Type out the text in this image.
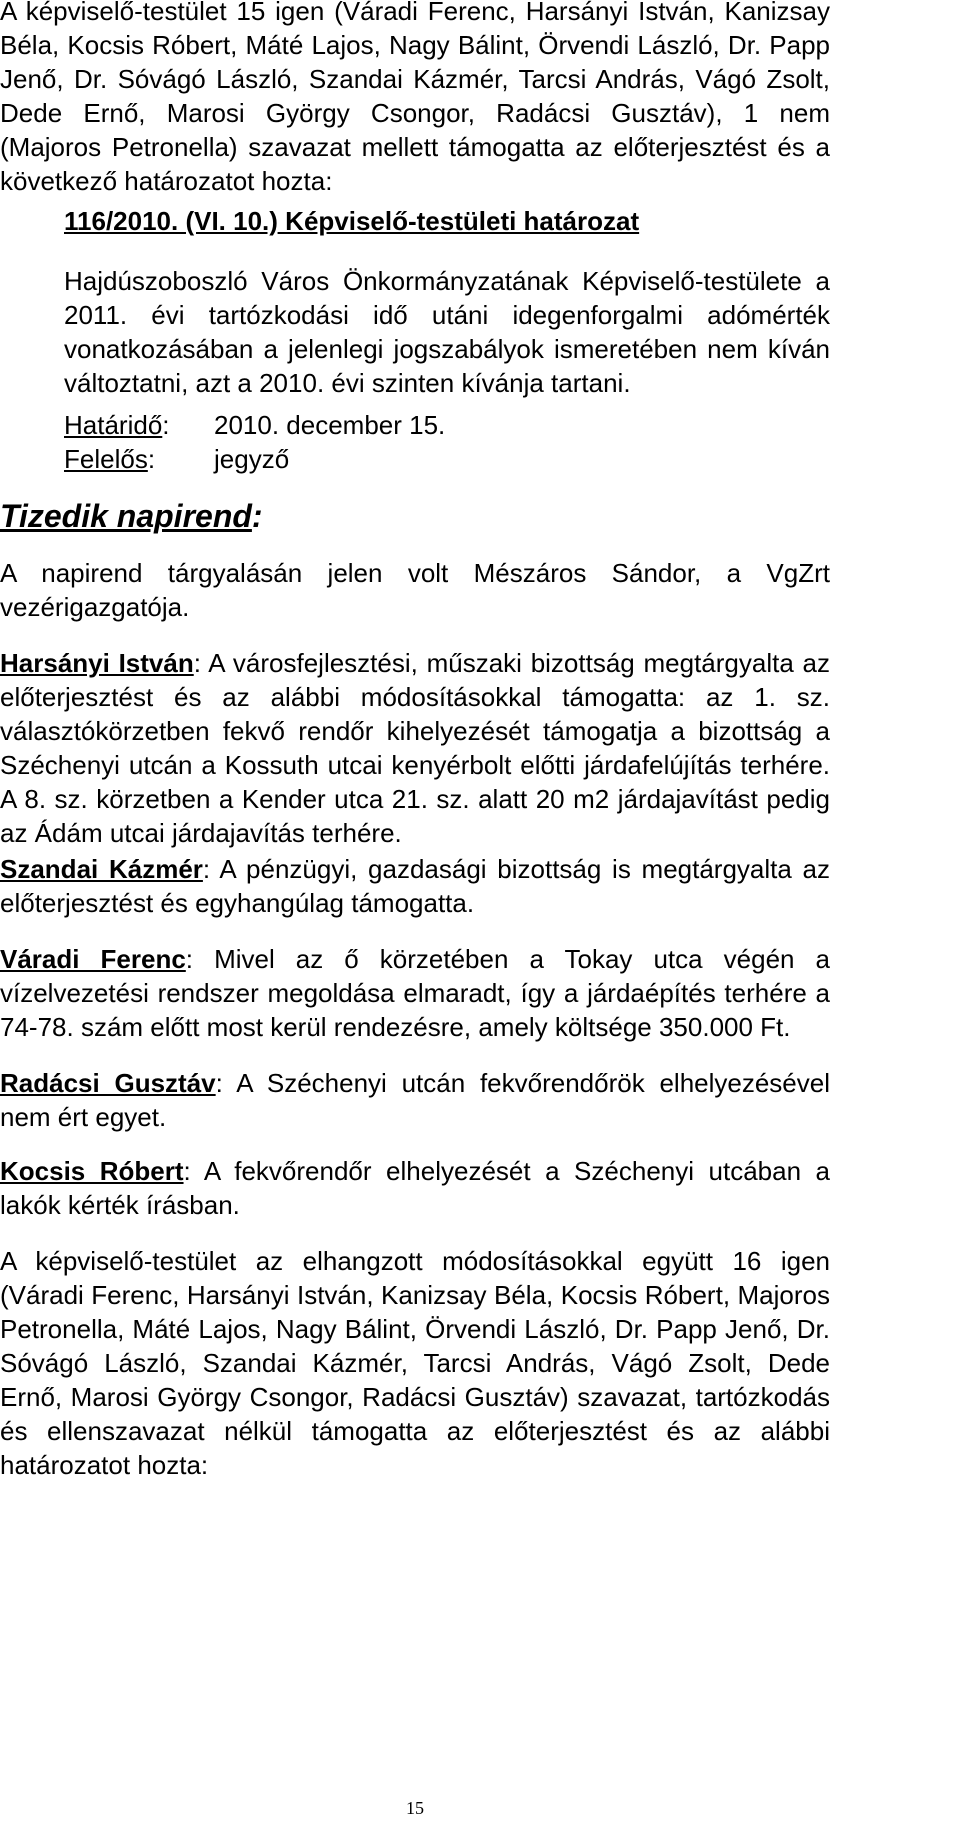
A képviselő-testület 15 igen (Váradi Ferenc, Harsányi István, Kanizsay
Béla, Kocsis Róbert, Máté Lajos, Nagy Bálint, Örvendi László, Dr. Papp
Jenő, Dr. Sóvágó László, Szandai Kázmér, Tarcsi András, Vágó Zsolt,
Dede Ernő, Marosi György Csongor, Radácsi Gusztáv), 1 nem
(Majoros Petronella) szavazat mellett támogatta az előterjesztést és a
következő határozatot hozta:
116/2010. (VI. 10.) Képviselő-testületi határozat
Hajdúszoboszló Város Önkormányzatának Képviselő-testülete a
2011. évi tartózkodási idő utáni idegenforgalmi adómérték
vonatkozásában a jelenlegi jogszabályok ismeretében nem kíván
változtatni, azt a 2010. évi szinten kívánja tartani.
Határidő: 2010. december 15.
Felelős: jegyző
Tizedik napirend:
A napirend tárgyalásán jelen volt Mészáros Sándor, a VgZrt
vezérigazgatója.
Harsányi István: A városfejlesztési, műszaki bizottság megtárgyalta az
előterjesztést és az alábbi módosításokkal támogatta: az 1. sz.
választókörzetben fekvő rendőr kihelyezését támogatja a bizottság a
Széchenyi utcán a Kossuth utcai kenyérbolt előtti járdafelújítás terhére.
A 8. sz. körzetben a Kender utca 21. sz. alatt 20 m2 járdajavítást pedig
az Ádám utcai járdajavítás terhére.
Szandai Kázmér: A pénzügyi, gazdasági bizottság is megtárgyalta az
előterjesztést és egyhangúlag támogatta.
Váradi Ferenc: Mivel az ő körzetében a Tokay utca végén a
vízelvezetési rendszer megoldása elmaradt, így a járdaépítés terhére a
74-78. szám előtt most kerül rendezésre, amely költsége 350.000 Ft.
Radácsi Gusztáv: A Széchenyi utcán fekvőrendőrök elhelyezésével
nem ért egyet.
Kocsis Róbert: A fekvőrendőr elhelyezését a Széchenyi utcában a
lakók kérték írásban.
A képviselő-testület az elhangzott módosításokkal együtt 16 igen
(Váradi Ferenc, Harsányi István, Kanizsay Béla, Kocsis Róbert, Majoros
Petronella, Máté Lajos, Nagy Bálint, Örvendi László, Dr. Papp Jenő, Dr.
Sóvágó László, Szandai Kázmér, Tarcsi András, Vágó Zsolt, Dede
Ernő, Marosi György Csongor, Radácsi Gusztáv) szavazat, tartózkodás
és ellenszavazat nélkül támogatta az előterjesztést és az alábbi
határozatot hozta:
15
